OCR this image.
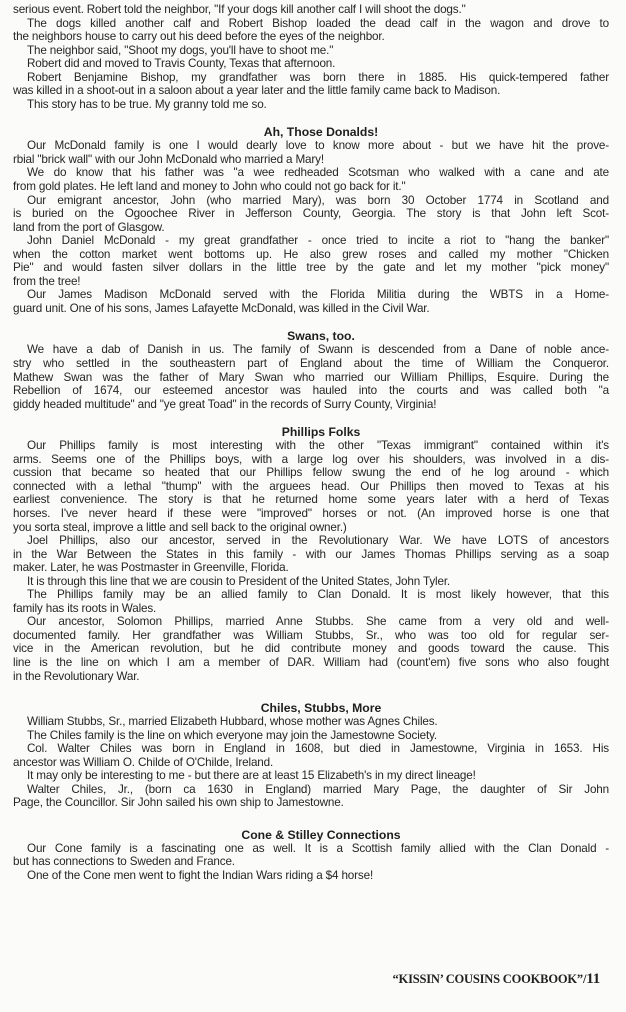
serious event. Robert told the neighbor, "If your dogs kill another calf I will shoot the dogs."
The dogs killed another calf and Robert Bishop loaded the dead calf in the wagon and drove to
the neighbors house to carry out his deed before the eyes of the neighbor.
The neighbor said, "Shoot my dogs, you'll have to shoot me."
Robert did and moved to Travis County, Texas that afternoon.
Robert Benjamine Bishop, my grandfather was born there in 1885. His quick-tempered father
was killed in a shoot-out in a saloon about a year later and the little family came back to Madison.
This story has to be true. My granny told me so.
Ah, Those Donalds!
Our McDonald family is one I would dearly love to know more about - but we have hit the prove-
rbial "brick wall" with our John McDonald who married a Mary!
We do know that his father was "a wee redheaded Scotsman who walked with a cane and ate
from gold plates. He left land and money to John who could not go back for it."
Our emigrant ancestor, John (who married Mary), was born 30 October 1774 in Scotland and
is buried on the Ogoochee River in Jefferson County, Georgia. The story is that John left Scot-
land from the port of Glasgow.
John Daniel McDonald - my great grandfather - once tried to incite a riot to "hang the banker"
when the cotton market went bottoms up. He also grew roses and called my mother "Chicken
Pie" and would fasten silver dollars in the little tree by the gate and let my mother "pick money"
from the tree!
Our James Madison McDonald served with the Florida Militia during the WBTS in a Home-
guard unit. One of his sons, James Lafayette McDonald, was killed in the Civil War.
Swans, too.
We have a dab of Danish in us. The family of Swann is descended from a Dane of noble ance-
stry who settled in the southeastern part of England about the time of William the Conqueror.
Mathew Swan was the father of Mary Swan who married our William Phillips, Esquire. During the
Rebellion of 1674, our esteemed ancestor was hauled into the courts and was called both "a
giddy headed multitude" and "ye great Toad" in the records of Surry County, Virginia!
Phillips Folks
Our Phillips family is most interesting with the other "Texas immigrant" contained within it's
arms. Seems one of the Phillips boys, with a large log over his shoulders, was involved in a dis-
cussion that became so heated that our Phillips fellow swung the end of he log around - which
connected with a lethal "thump" with the arguees head. Our Phillips then moved to Texas at his
earliest convenience. The story is that he returned home some years later with a herd of Texas
horses. I've never heard if these were "improved" horses or not. (An improved horse is one that
you sorta steal, improve a little and sell back to the original owner.)
Joel Phillips, also our ancestor, served in the Revolutionary War. We have LOTS of ancestors
in the War Between the States in this family - with our James Thomas Phillips serving as a soap
maker. Later, he was Postmaster in Greenville, Florida.
It is through this line that we are cousin to President of the United States, John Tyler.
The Phillips family may be an allied family to Clan Donald. It is most likely however, that this
family has its roots in Wales.
Our ancestor, Solomon Phillips, married Anne Stubbs. She came from a very old and well-
documented family. Her grandfather was William Stubbs, Sr., who was too old for regular ser-
vice in the American revolution, but he did contribute money and goods toward the cause. This
line is the line on which I am a member of DAR. William had (count'em) five sons who also fought
in the Revolutionary War.
Chiles, Stubbs, More
William Stubbs, Sr., married Elizabeth Hubbard, whose mother was Agnes Chiles.
The Chiles family is the line on which everyone may join the Jamestowne Society.
Col. Walter Chiles was born in England in 1608, but died in Jamestowne, Virginia in 1653. His
ancestor was William O. Childe of O'Childe, Ireland.
It may only be interesting to me - but there are at least 15 Elizabeth's in my direct lineage!
Walter Chiles, Jr., (born ca 1630 in England) married Mary Page, the daughter of Sir John
Page, the Councillor. Sir John sailed his own ship to Jamestowne.
Cone & Stilley Connections
Our Cone family is a fascinating one as well. It is a Scottish family allied with the Clan Donald -
but has connections to Sweden and France.
One of the Cone men went to fight the Indian Wars riding a $4 horse!
“KISSIN’ COUSINS COOKBOOK”/11
